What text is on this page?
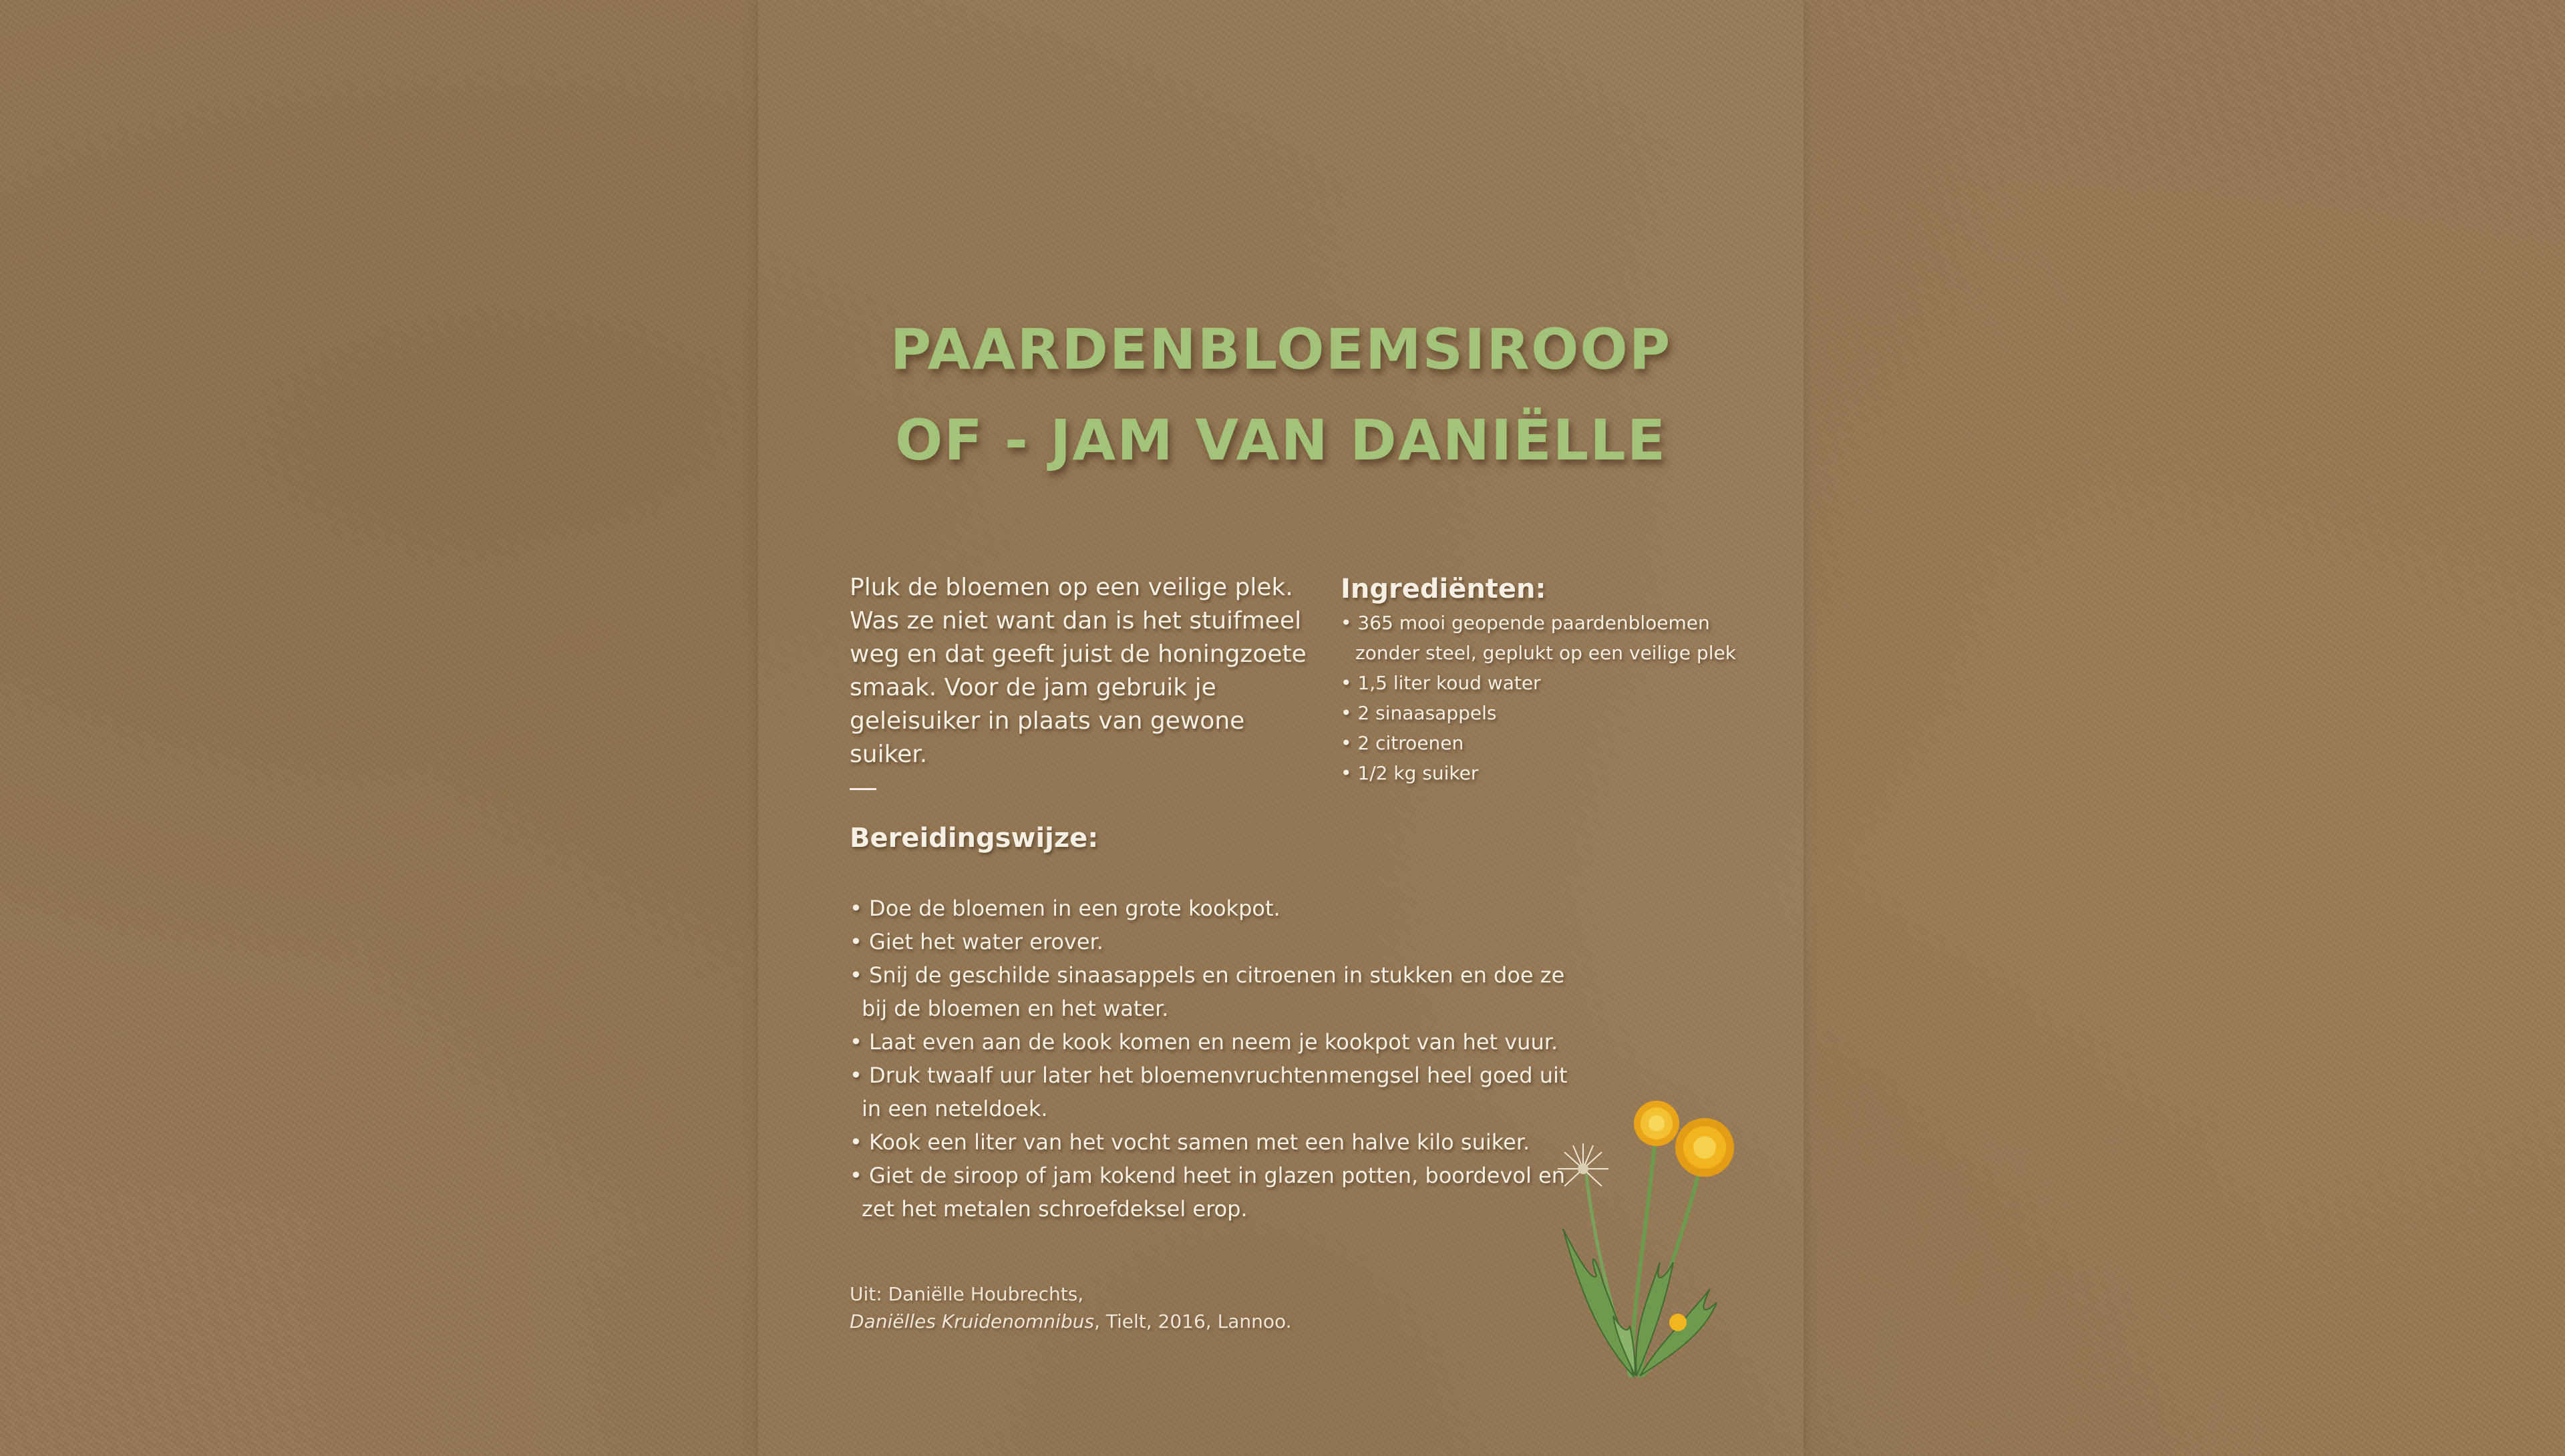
PAARDENBLOEMSIROOP
OF - JAM VAN DANIËLLE

Pluk de bloemen op een veilige plek. Was ze niet want dan is het stuifmeel weg en dat geeft juist de honingzoete smaak. Voor de jam gebruik je geleisuiker in plaats van gewone suiker.

Ingrediënten:
• 365 mooi geopende paardenbloemen zonder steel, geplukt op een veilige plek
• 1,5 liter koud water
• 2 sinaasappels
• 2 citroenen
• 1/2 kg suiker
Bereidingswijze:
• Doe de bloemen in een grote kookpot.
• Giet het water erover.
• Snij de geschilde sinaasappels en citroenen in stukken en doe ze bij de bloemen en het water.
• Laat even aan de kook komen en neem je kookpot van het vuur.
• Druk twaalf uur later het bloemenvruchtenmengsel heel goed uit in een neteldoek.
• Kook een liter van het vocht samen met een halve kilo suiker.
• Giet de siroop of jam kokend heet in glazen potten, boordevol en zet het metalen schroefdeksel erop.
Uit: Daniëlle Houbrechts,
Daniëlles Kruidenomnibus, Tielt, 2016, Lannoo.
